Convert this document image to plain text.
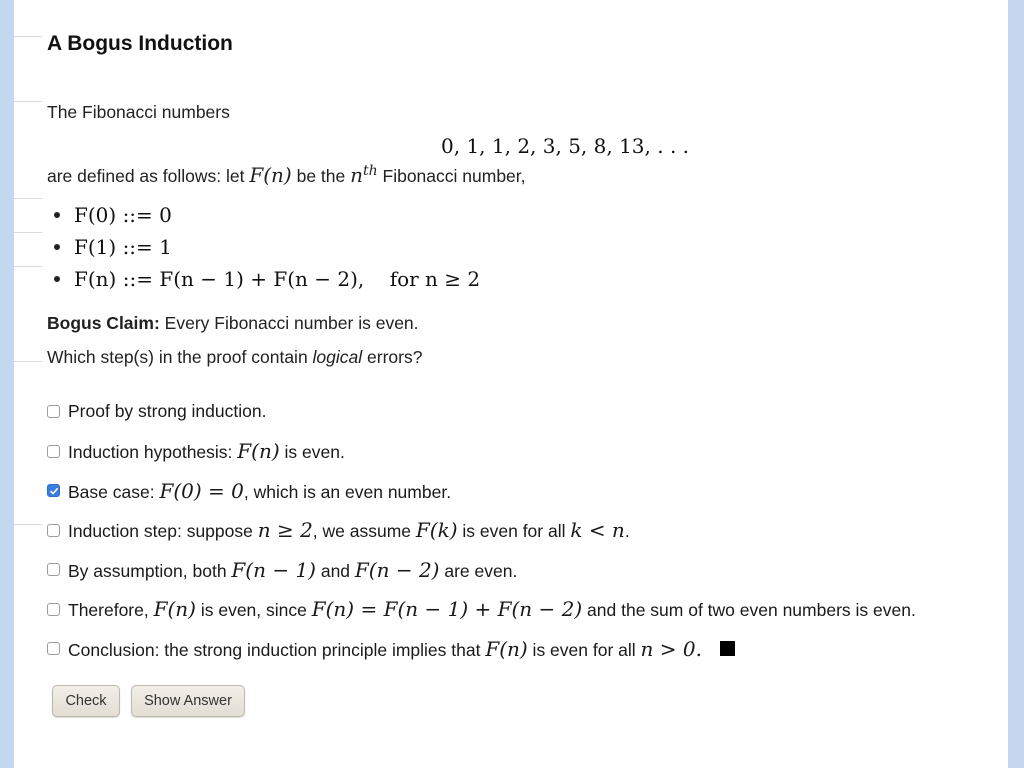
A Bogus Induction
The Fibonacci numbers
0, 1, 1, 2, 3, 5, 8, 13, . . .
are defined as follows: let F(n) be the $n^{th}$ Fibonacci number,
F(0) ::= 0
F(1) ::= 1
F(n) ::= F(n − 1) + F(n − 2),    for n ≥ 2
Bogus Claim: Every Fibonacci number is even.
Which step(s) in the proof contain logical errors?
Proof by strong induction.
Induction hypothesis: F(n) is even.
Base case: F(0) = 0, which is an even number.
Induction step: suppose n ≥ 2, we assume F(k) is even for all k < n.
By assumption, both F(n − 1) and F(n − 2) are even.
Therefore, F(n) is even, since F(n) = F(n − 1) + F(n − 2) and the sum of two even numbers is even.
Conclusion: the strong induction principle implies that F(n) is even for all n > 0.
Check	Show Answer
